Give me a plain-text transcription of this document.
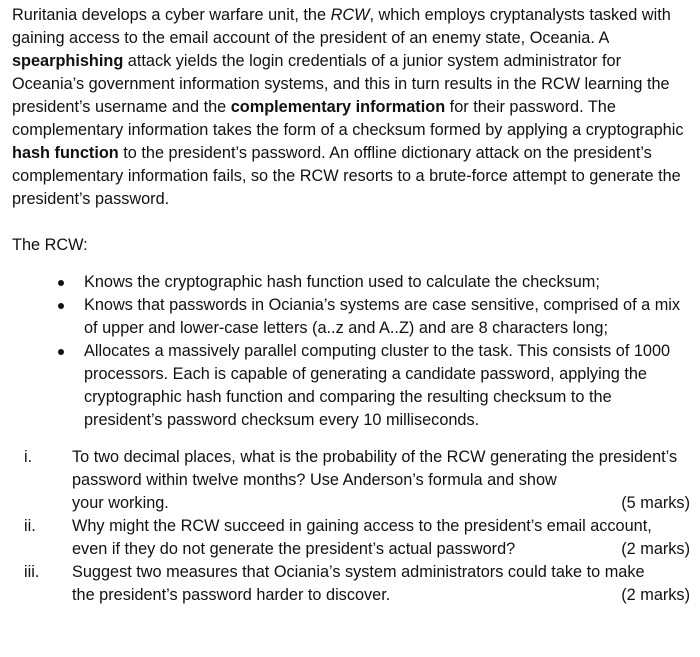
Ruritania develops a cyber warfare unit, the RCW, which employs cryptanalysts tasked with gaining access to the email account of the president of an enemy state, Oceania. A spearphishing attack yields the login credentials of a junior system administrator for Oceania’s government information systems, and this in turn results in the RCW learning the president’s username and the complementary information for their password. The complementary information takes the form of a checksum formed by applying a cryptographic hash function to the president’s password. An offline dictionary attack on the president’s complementary information fails, so the RCW resorts to a brute-force attempt to generate the president’s password.

The RCW:

Knows the cryptographic hash function used to calculate the checksum;
Knows that passwords in Ociania’s systems are case sensitive, comprised of a mix of upper and lower-case letters (a..z and A..Z) and are 8 characters long;
Allocates a massively parallel computing cluster to the task. This consists of 1000 processors. Each is capable of generating a candidate password, applying the cryptographic hash function and comparing the resulting checksum to the president’s password checksum every 10 milliseconds.
i. To two decimal places, what is the probability of the RCW generating the president’s password within twelve months? Use Anderson’s formula and show
your working.	(5 marks)
ii. Why might the RCW succeed in gaining access to the president’s email account,
even if they do not generate the president’s actual password?	(2 marks)
iii. Suggest two measures that Ociania’s system administrators could take to make
the president’s password harder to discover.	(2 marks)
